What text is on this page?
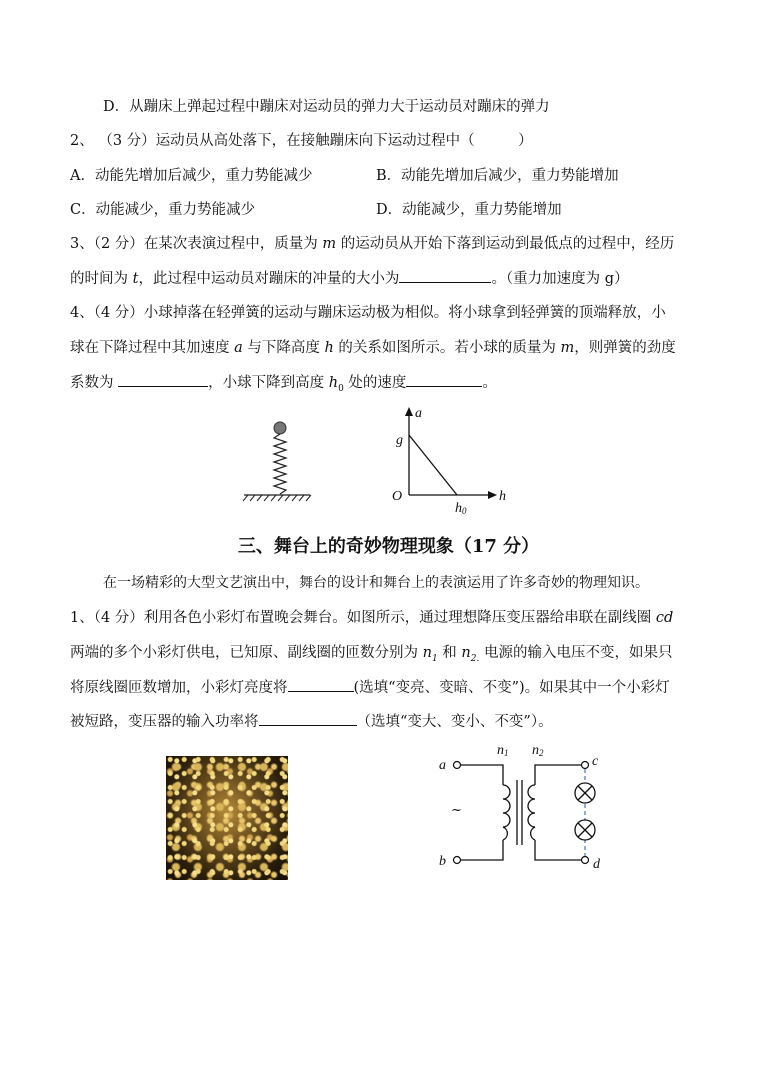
D．从蹦床上弹起过程中蹦床对运动员的弹力大于运动员对蹦床的弹力
2、 （3 分）运动员从高处落下，在接触蹦床向下运动过程中（　　　）
A．动能先增加后减少，重力势能减少	B．动能先增加后减少，重力势能增加
C．动能减少，重力势能减少	D．动能减少，重力势能增加
3、（2 分）在某次表演过程中，质量为 m 的运动员从开始下落到运动到最低点的过程中，经历
的时间为 t，此过程中运动员对蹦床的冲量的大小为	。（重力加速度为 g）
4、（4 分）小球掉落在轻弹簧的运动与蹦床运动极为相似。将小球拿到轻弹簧的顶端释放，小
球在下降过程中其加速度 a 与下降高度 h 的关系如图所示。若小球的质量为 m，则弹簧的劲度
系数为	，小球下降到高度 $h_0$ 处的速度	。
a
g
O	h
h0
三、舞台上的奇妙物理现象（17 分）
在一场精彩的大型文艺演出中，舞台的设计和舞台上的表演运用了许多奇妙的物理知识。
1、（4 分）利用各色小彩灯布置晚会舞台。如图所示，通过理想降压变压器给串联在副线圈 cd
两端的多个小彩灯供电，已知原、副线圈的匝数分别为 $n_1$ 和 $n_{2.}$ 电源的输入电压不变，如果只
将原线圈匝数增加，小彩灯亮度将	(选填“变亮、变暗、不变”)。如果其中一个小彩灯
被短路，变压器的输入功率将	（选填“变大、变小、不变”）。
n1 n2
a
b
c
d
~
